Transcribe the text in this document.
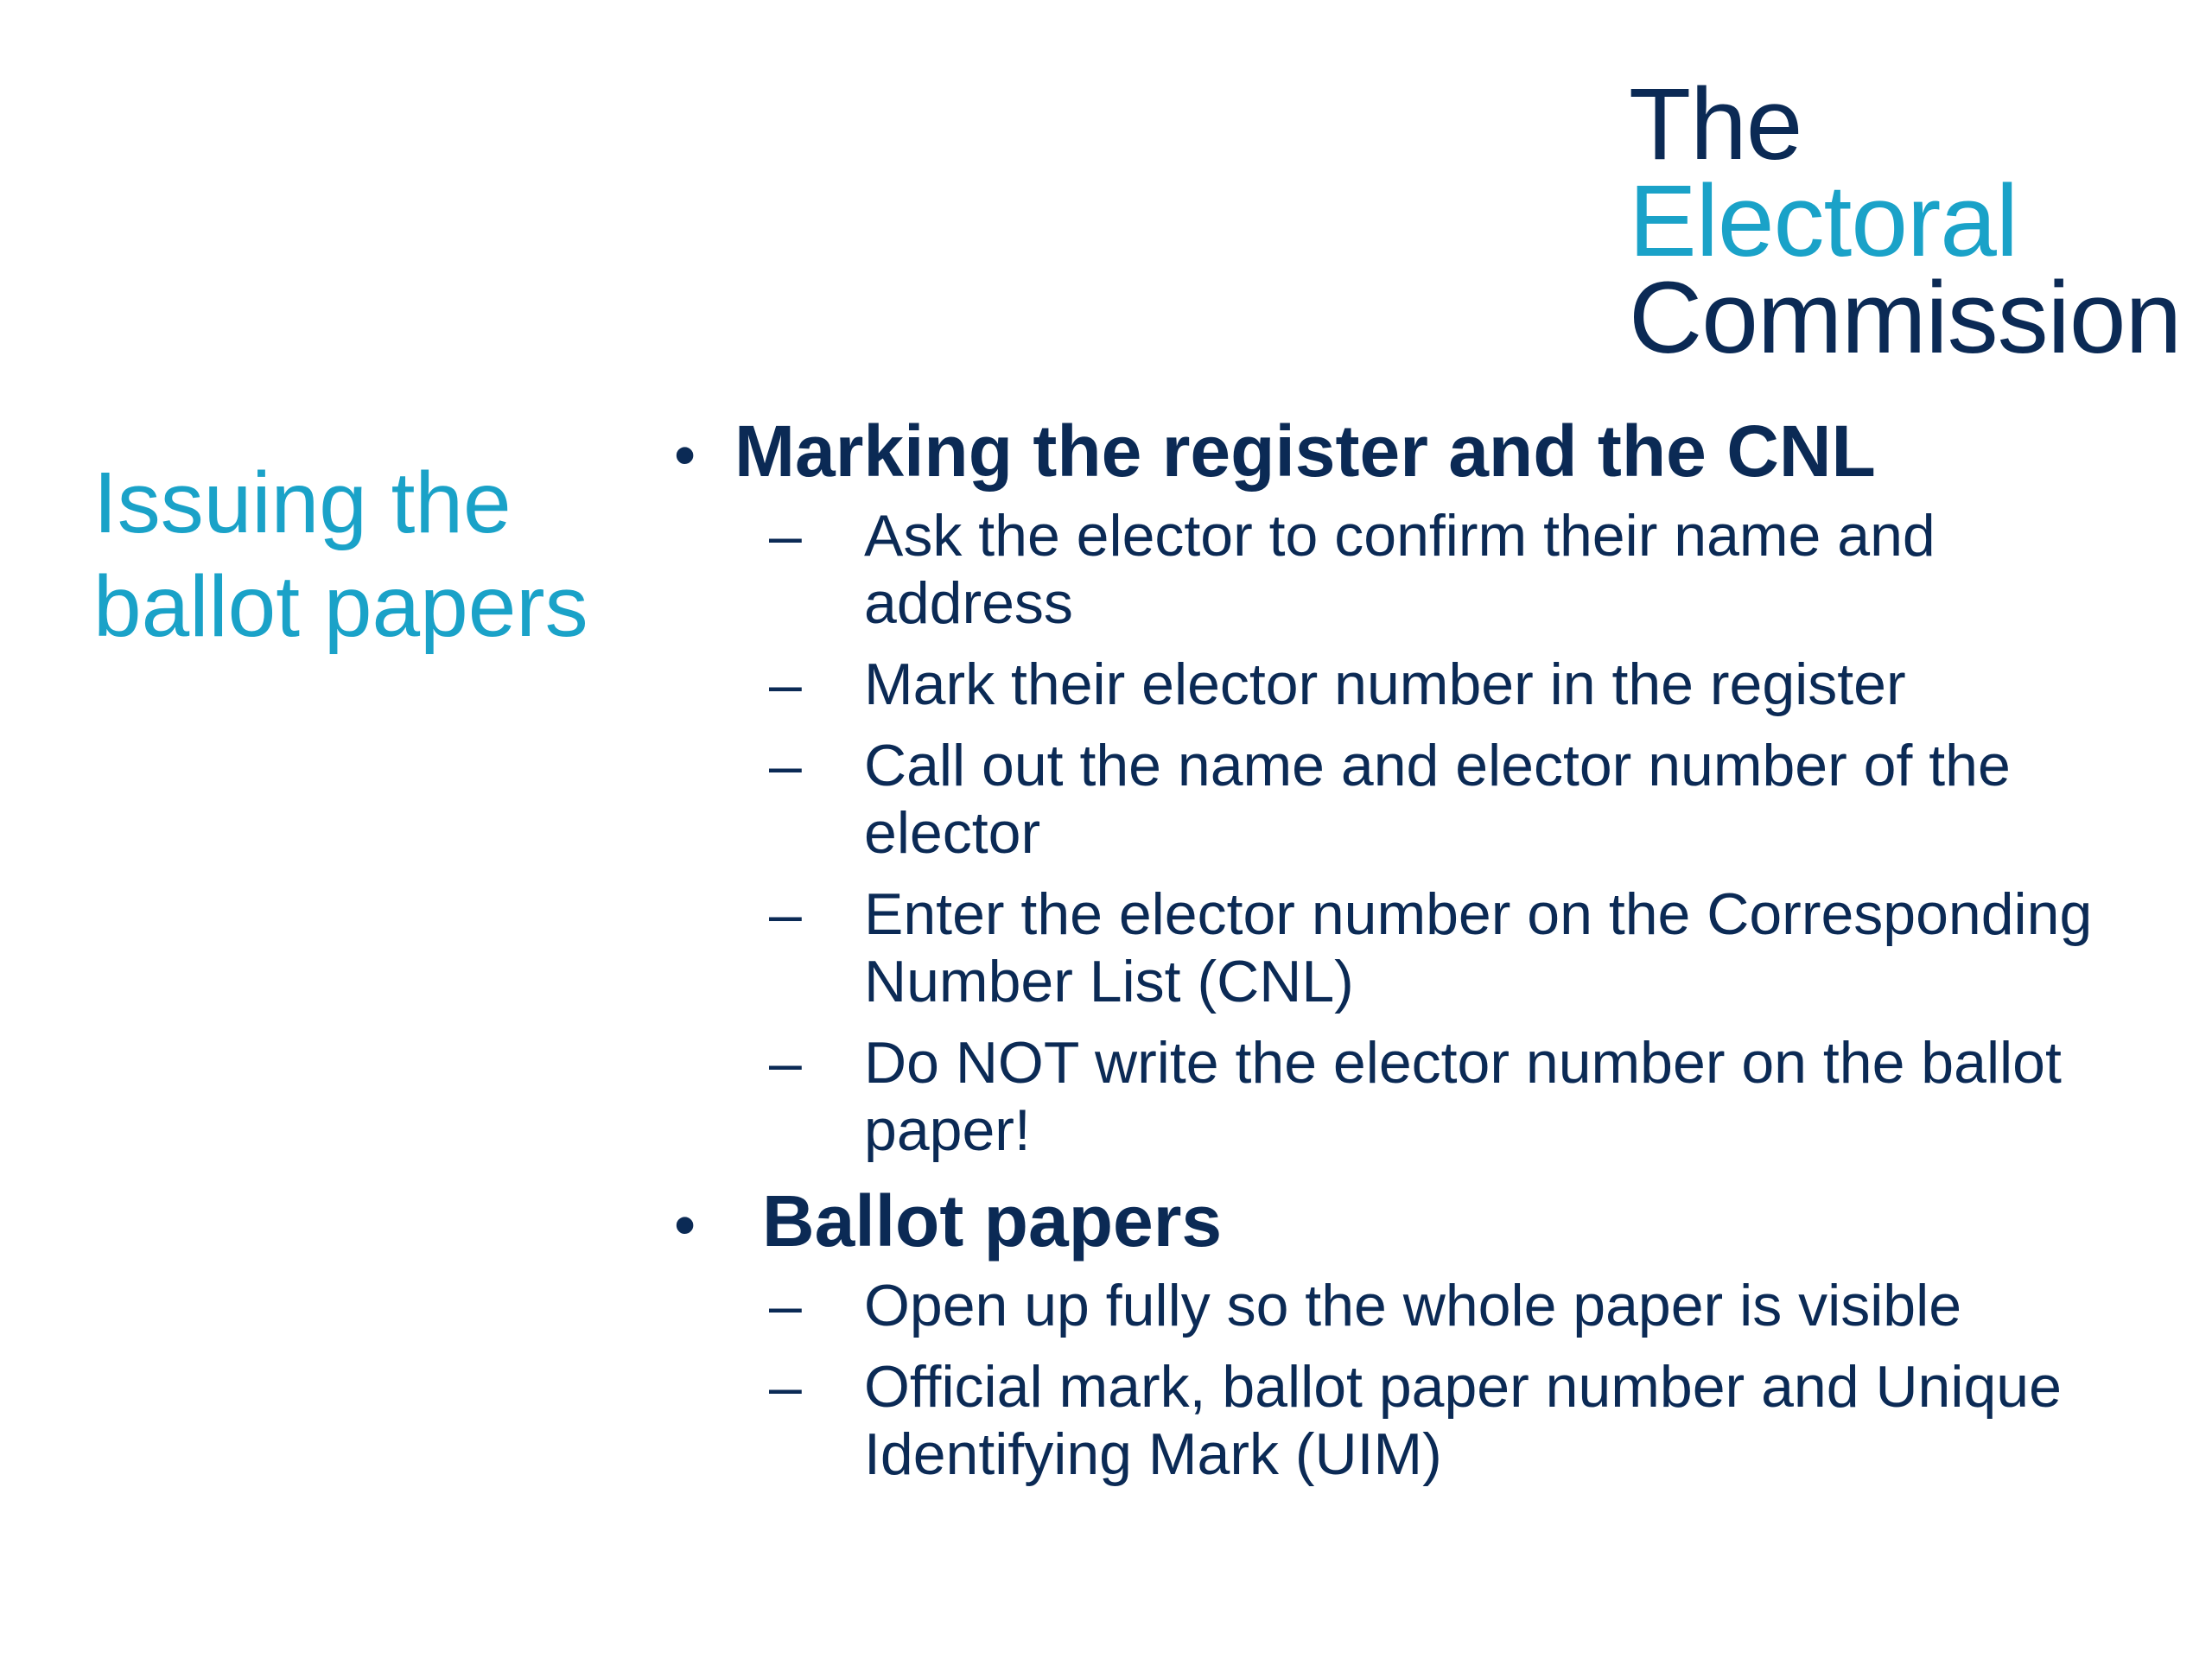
The
Electoral
Commission
Issuing the
ballot papers
• Marking the register and the CNL
–	Ask the elector to confirm their name and address
–	Mark their elector number in the register
–	Call out the name and elector number of the elector
–	Enter the elector number on the Corresponding Number List (CNL)
–	Do NOT write the elector number on the ballot paper!
• Ballot papers
–	Open up fully so the whole paper is visible
–	Official mark, ballot paper number and Unique Identifying Mark (UIM)
